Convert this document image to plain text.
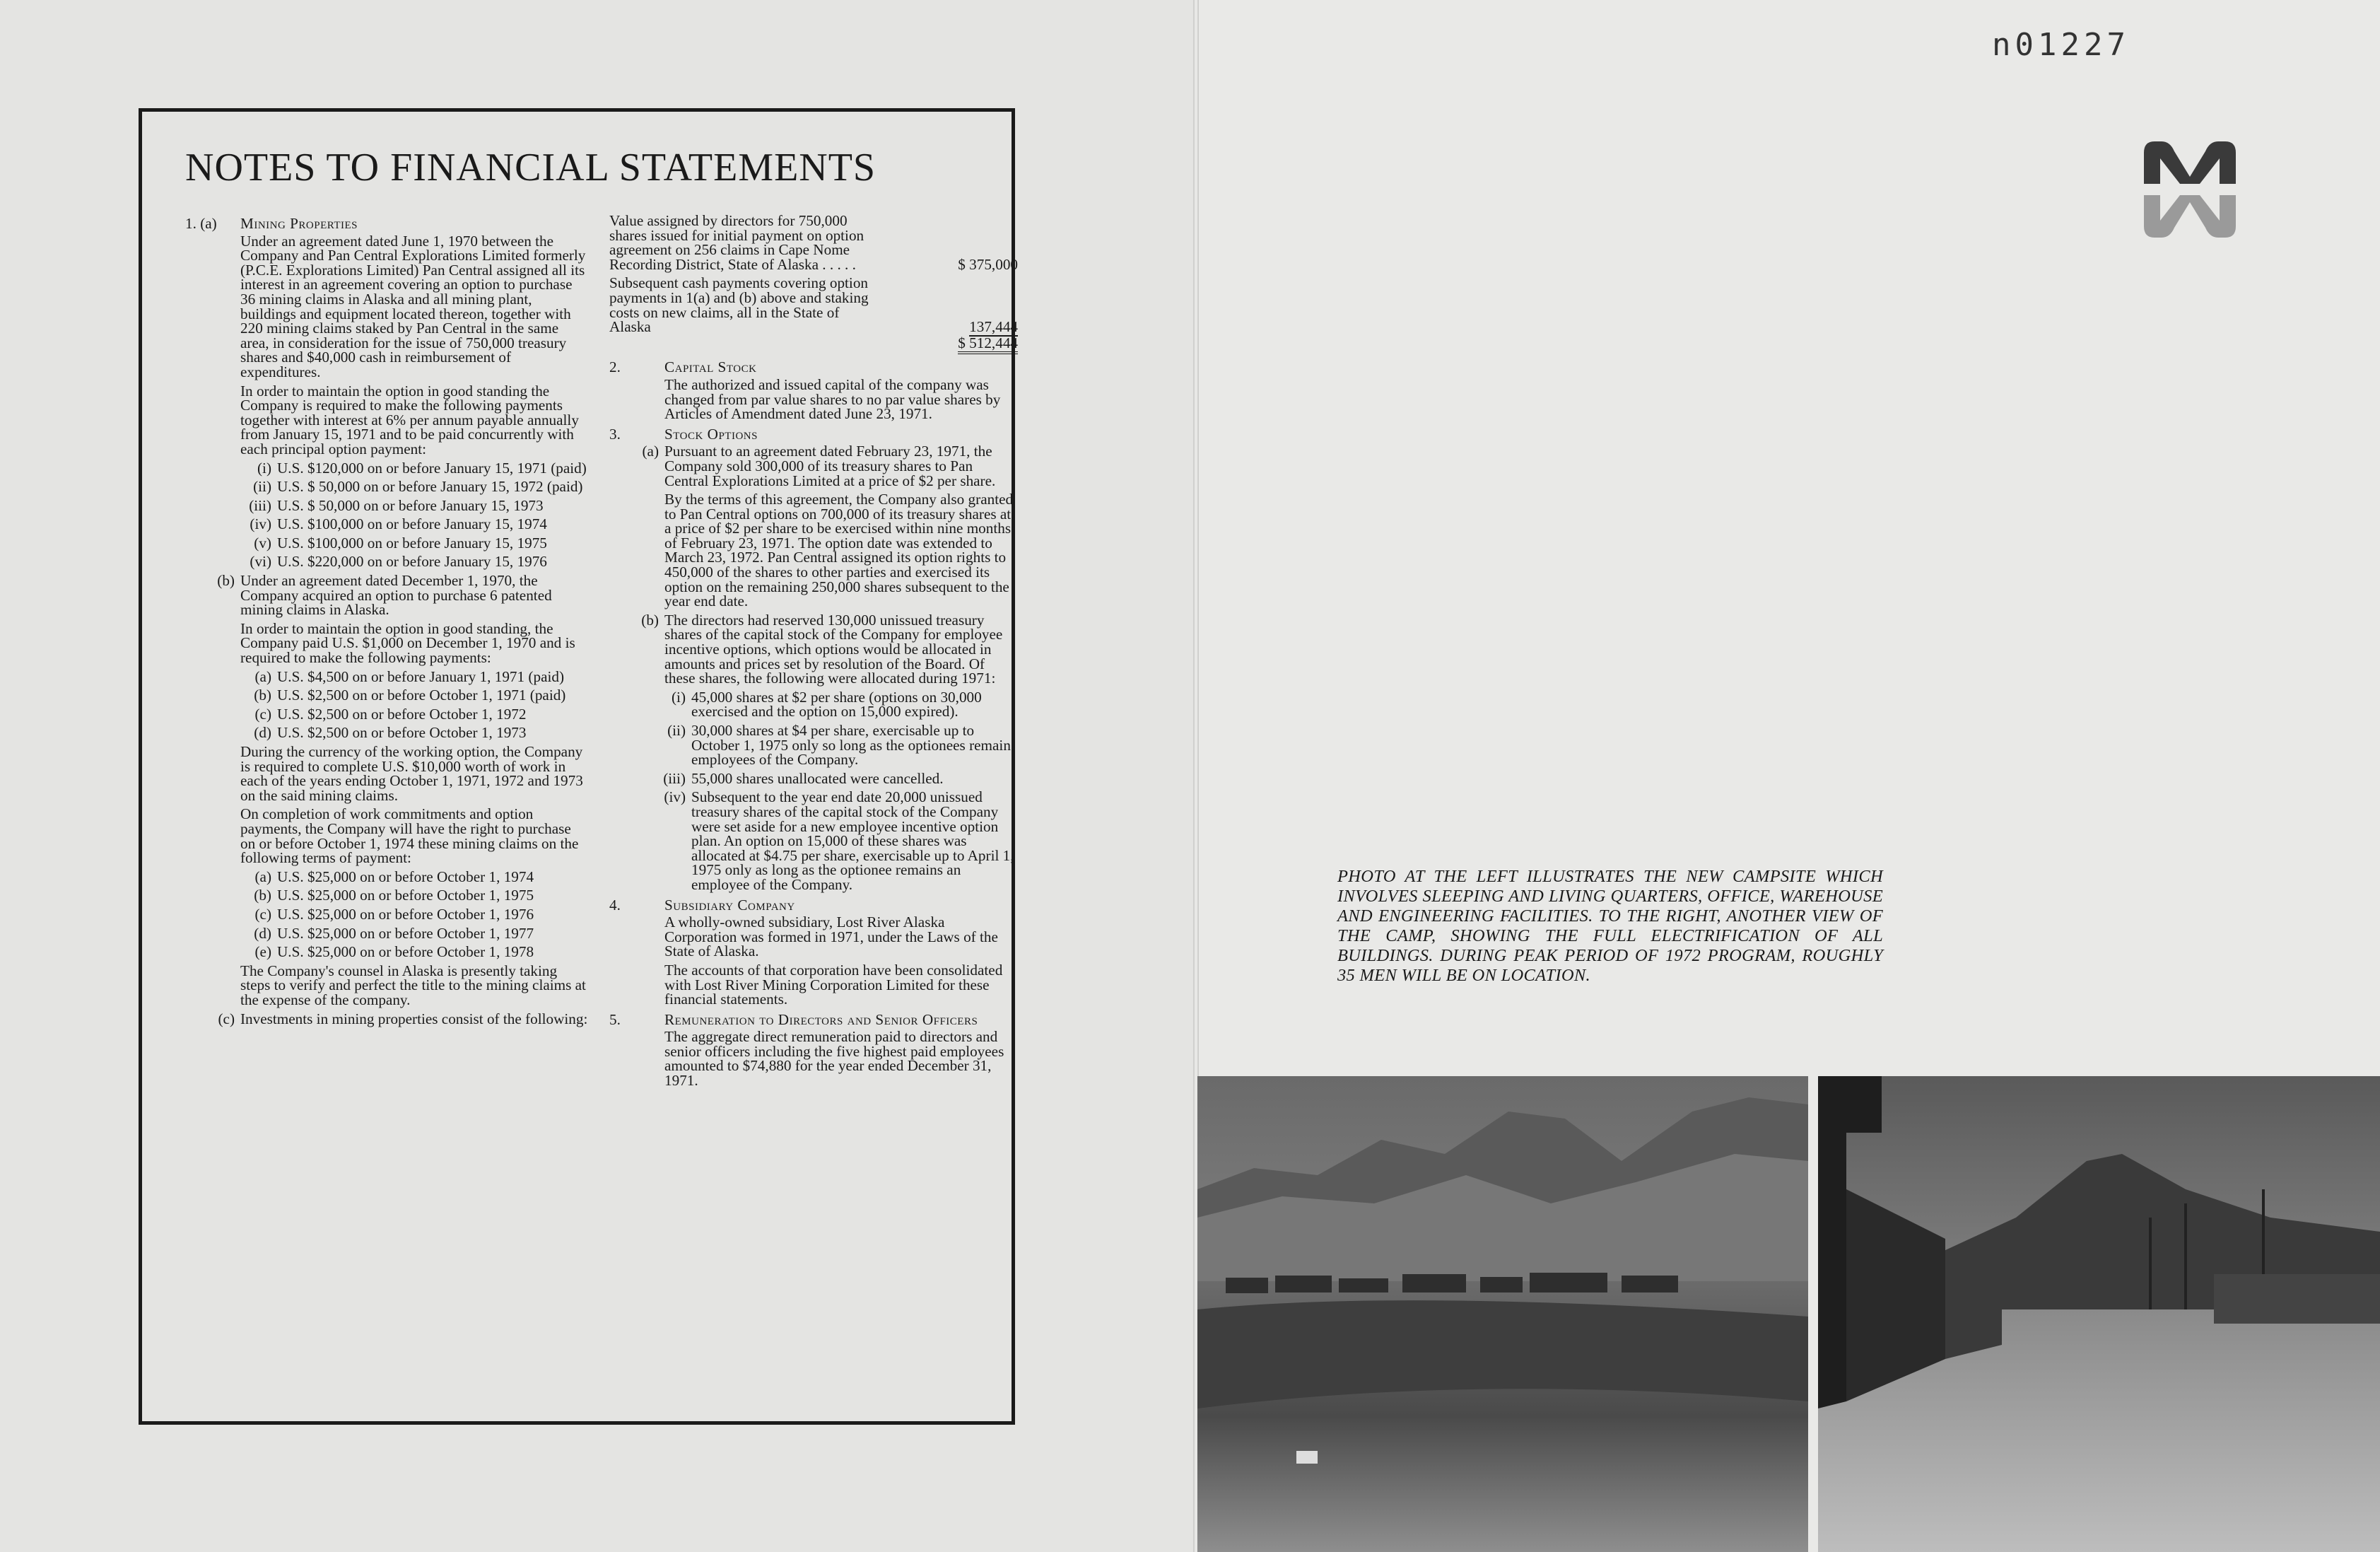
NOTES TO FINANCIAL STATEMENTS
1. (a) Mining Properties

Under an agreement dated June 1, 1970 between the Company and Pan Central Explorations Limited formerly (P.C.E. Explorations Limited) Pan Central assigned all its interest in an agreement covering an option to purchase 36 mining claims in Alaska and all mining plant, buildings and equipment located thereon, together with 220 mining claims staked by Pan Central in the same area, in consideration for the issue of 750,000 treasury shares and $40,000 cash in reimbursement of expenditures.

In order to maintain the option in good standing the Company is required to make the following payments together with interest at 6% per annum payable annually from January 15, 1971 and to be paid concurrently with each principal option payment:

(i) U.S. $120,000 on or before January 15, 1971 (paid)
(ii) U.S. $ 50,000 on or before January 15, 1972 (paid)
(iii) U.S. $ 50,000 on or before January 15, 1973
(iv) U.S. $100,000 on or before January 15, 1974
(v) U.S. $100,000 on or before January 15, 1975
(vi) U.S. $220,000 on or before January 15, 1976
(b) Under an agreement dated December 1, 1970, the Company acquired an option to purchase 6 patented mining claims in Alaska.

In order to maintain the option in good standing, the Company paid U.S. $1,000 on December 1, 1970 and is required to make the following payments:

(a) U.S. $4,500 on or before January 1, 1971 (paid)
(b) U.S. $2,500 on or before October 1, 1971 (paid)
(c) U.S. $2,500 on or before October 1, 1972
(d) U.S. $2,500 on or before October 1, 1973

During the currency of the working option, the Company is required to complete U.S. $10,000 worth of work in each of the years ending October 1, 1971, 1972 and 1973 on the said mining claims.

On completion of work commitments and option payments, the Company will have the right to purchase on or before October 1, 1974 these mining claims on the following terms of payment:

(a) U.S. $25,000 on or before October 1, 1974
(b) U.S. $25,000 on or before October 1, 1975
(c) U.S. $25,000 on or before October 1, 1976
(d) U.S. $25,000 on or before October 1, 1977
(e) U.S. $25,000 on or before October 1, 1978

The Company's counsel in Alaska is presently taking steps to verify and perfect the title to the mining claims at the expense of the company.

(c) Investments in mining properties consist of the following:
Value assigned by directors for 750,000 shares issued for initial payment on option agreement on 256 claims in Cape Nome Recording District, State of Alaska . . . . .	$ 375,000
Subsequent cash payments covering option payments in 1(a) and (b) above and staking costs on new claims, all in the State of Alaska	137,444
$ 512,444
2.	Capital Stock

The authorized and issued capital of the company was changed from par value shares to no par value shares by Articles of Amendment dated June 23, 1971.

3.	Stock Options
(a) Pursuant to an agreement dated February 23, 1971, the Company sold 300,000 of its treasury shares to Pan Central Explorations Limited at a price of $2 per share.

By the terms of this agreement, the Company also granted to Pan Central options on 700,000 of its treasury shares at a price of $2 per share to be exercised within nine months of February 23, 1971. The option date was extended to March 23, 1972. Pan Central assigned its option rights to 450,000 of the shares to other parties and exercised its option on the remaining 250,000 shares subsequent to the year end date.

(b) The directors had reserved 130,000 unissued treasury shares of the capital stock of the Company for employee incentive options, which options would be allocated in amounts and prices set by resolution of the Board. Of these shares, the following were allocated during 1971:
(i) 45,000 shares at $2 per share (options on 30,000 exercised and the option on 15,000 expired).
(ii) 30,000 shares at $4 per share, exercisable up to October 1, 1975 only so long as the optionees remain employees of the Company.
(iii) 55,000 shares unallocated were cancelled.
(iv) Subsequent to the year end date 20,000 unissued treasury shares of the capital stock of the Company were set aside for a new employee incentive option plan. An option on 15,000 of these shares was allocated at $4.75 per share, exercisable up to April 1, 1975 only as long as the optionee remains an employee of the Company.
4.	Subsidiary Company

A wholly-owned subsidiary, Lost River Alaska Corporation was formed in 1971, under the Laws of the State of Alaska.

The accounts of that corporation have been consolidated with Lost River Mining Corporation Limited for these financial statements.

5.	Remuneration to Directors and Senior Officers

The aggregate direct remuneration paid to directors and senior officers including the five highest paid employees amounted to $74,880 for the year ended December 31, 1971.

n01227
PHOTO AT THE LEFT ILLUSTRATES THE NEW CAMPSITE WHICH INVOLVES SLEEPING AND LIVING QUARTERS, OFFICE, WAREHOUSE AND ENGINEERING FACILITIES. TO THE RIGHT, ANOTHER VIEW OF THE CAMP, SHOWING THE FULL ELECTRIFICATION OF ALL BUILDINGS. DURING PEAK PERIOD OF 1972 PROGRAM, ROUGHLY 35 MEN WILL BE ON LOCATION.
